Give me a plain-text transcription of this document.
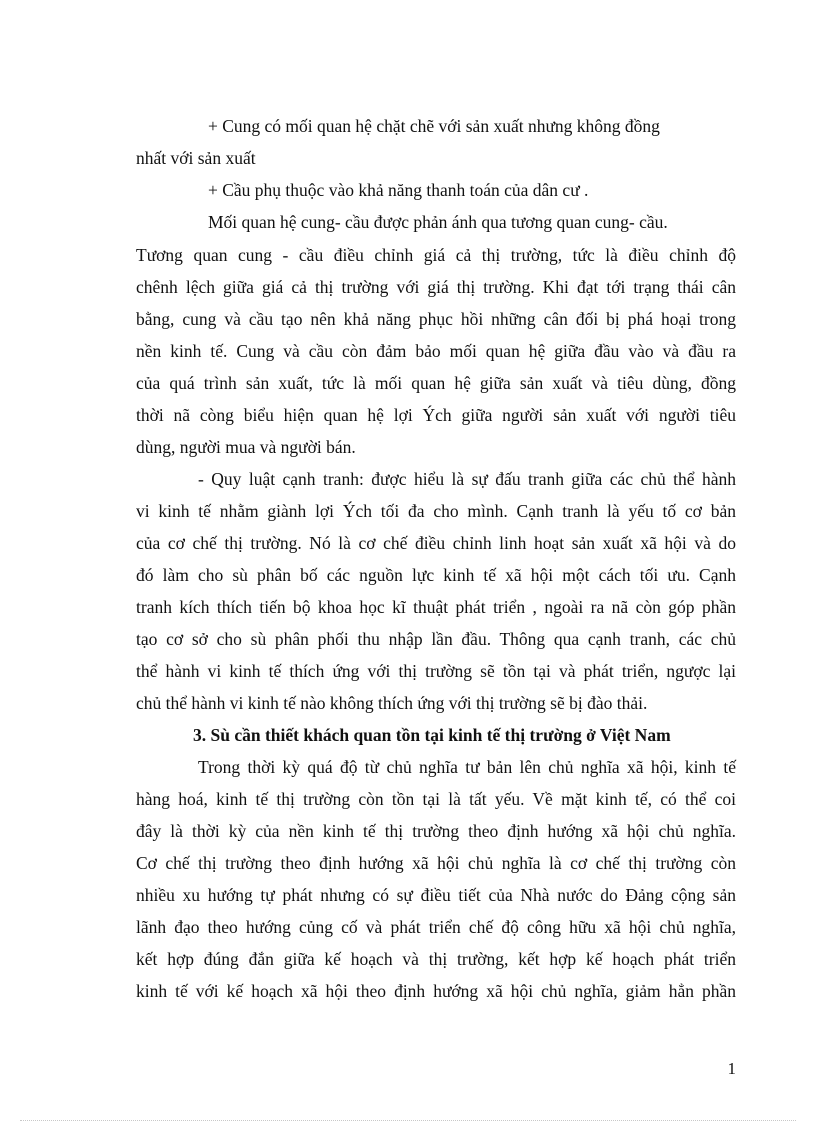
+ Cung có mối quan hệ chặt chẽ với sản xuất nhưng không đồng
nhất với sản xuất
+ Cầu phụ thuộc vào khả năng thanh toán của dân cư .
Mối quan hệ cung- cầu được phản ánh qua tương quan cung- cầu.
Tương quan cung - cầu điều chỉnh giá cả thị trường, tức là điều chỉnh độ
chênh lệch giữa giá cả thị trường với giá thị trường. Khi đạt tới trạng thái cân
bằng, cung và cầu tạo nên khả năng phục hồi những cân đối bị phá hoại trong
nền kinh tế. Cung và cầu còn đảm bảo mối quan hệ giữa đầu vào và đầu ra
của quá trình sản xuất, tức là mối quan hệ giữa sản xuất và tiêu dùng, đồng
thời nã còng biểu hiện quan hệ lợi Ých giữa người sản xuất với người tiêu
dùng, người mua và người bán.
- Quy luật cạnh tranh: được hiểu là sự đấu tranh giữa các chủ thể hành
vi kinh tế nhằm giành lợi Ých tối đa cho mình. Cạnh tranh là yếu tố cơ bản
của cơ chế thị trường. Nó là cơ chế điều chỉnh linh hoạt sản xuất xã hội và do
đó làm cho sù phân bố các nguồn lực kinh tế xã hội một cách tối ưu. Cạnh
tranh kích thích tiến bộ khoa học kĩ thuật phát triển , ngoài ra nã còn góp phần
tạo cơ sở cho sù phân phối thu nhập lần đầu. Thông qua cạnh tranh, các chủ
thể hành vi kinh tế thích ứng với thị trường sẽ tồn tại và phát triển, ngược lại
chủ thể hành vi kinh tế nào không thích ứng với thị trường sẽ bị đào thải.
3. Sù cần thiết khách quan tồn tại kinh tế thị trường ở Việt Nam
Trong thời kỳ quá độ từ chủ nghĩa tư bản lên chủ nghĩa xã hội, kinh tế
hàng hoá, kinh tế thị trường còn tồn tại là tất yếu. Về mặt kinh tế, có thể coi
đây là thời kỳ của nền kinh tế thị trường theo định hướng xã hội chủ nghĩa.
Cơ chế thị trường theo định hướng xã hội chủ nghĩa là cơ chế thị trường còn
nhiều xu hướng tự phát nhưng có sự điều tiết của Nhà nước do Đảng cộng sản
lãnh đạo theo hướng củng cố và phát triển chế độ công hữu xã hội chủ nghĩa,
kết hợp đúng đắn giữa kế hoạch và thị trường, kết hợp kế hoạch phát triển
kinh tế với kế hoạch xã hội theo định hướng xã hội chủ nghĩa, giảm hẳn phần
1
